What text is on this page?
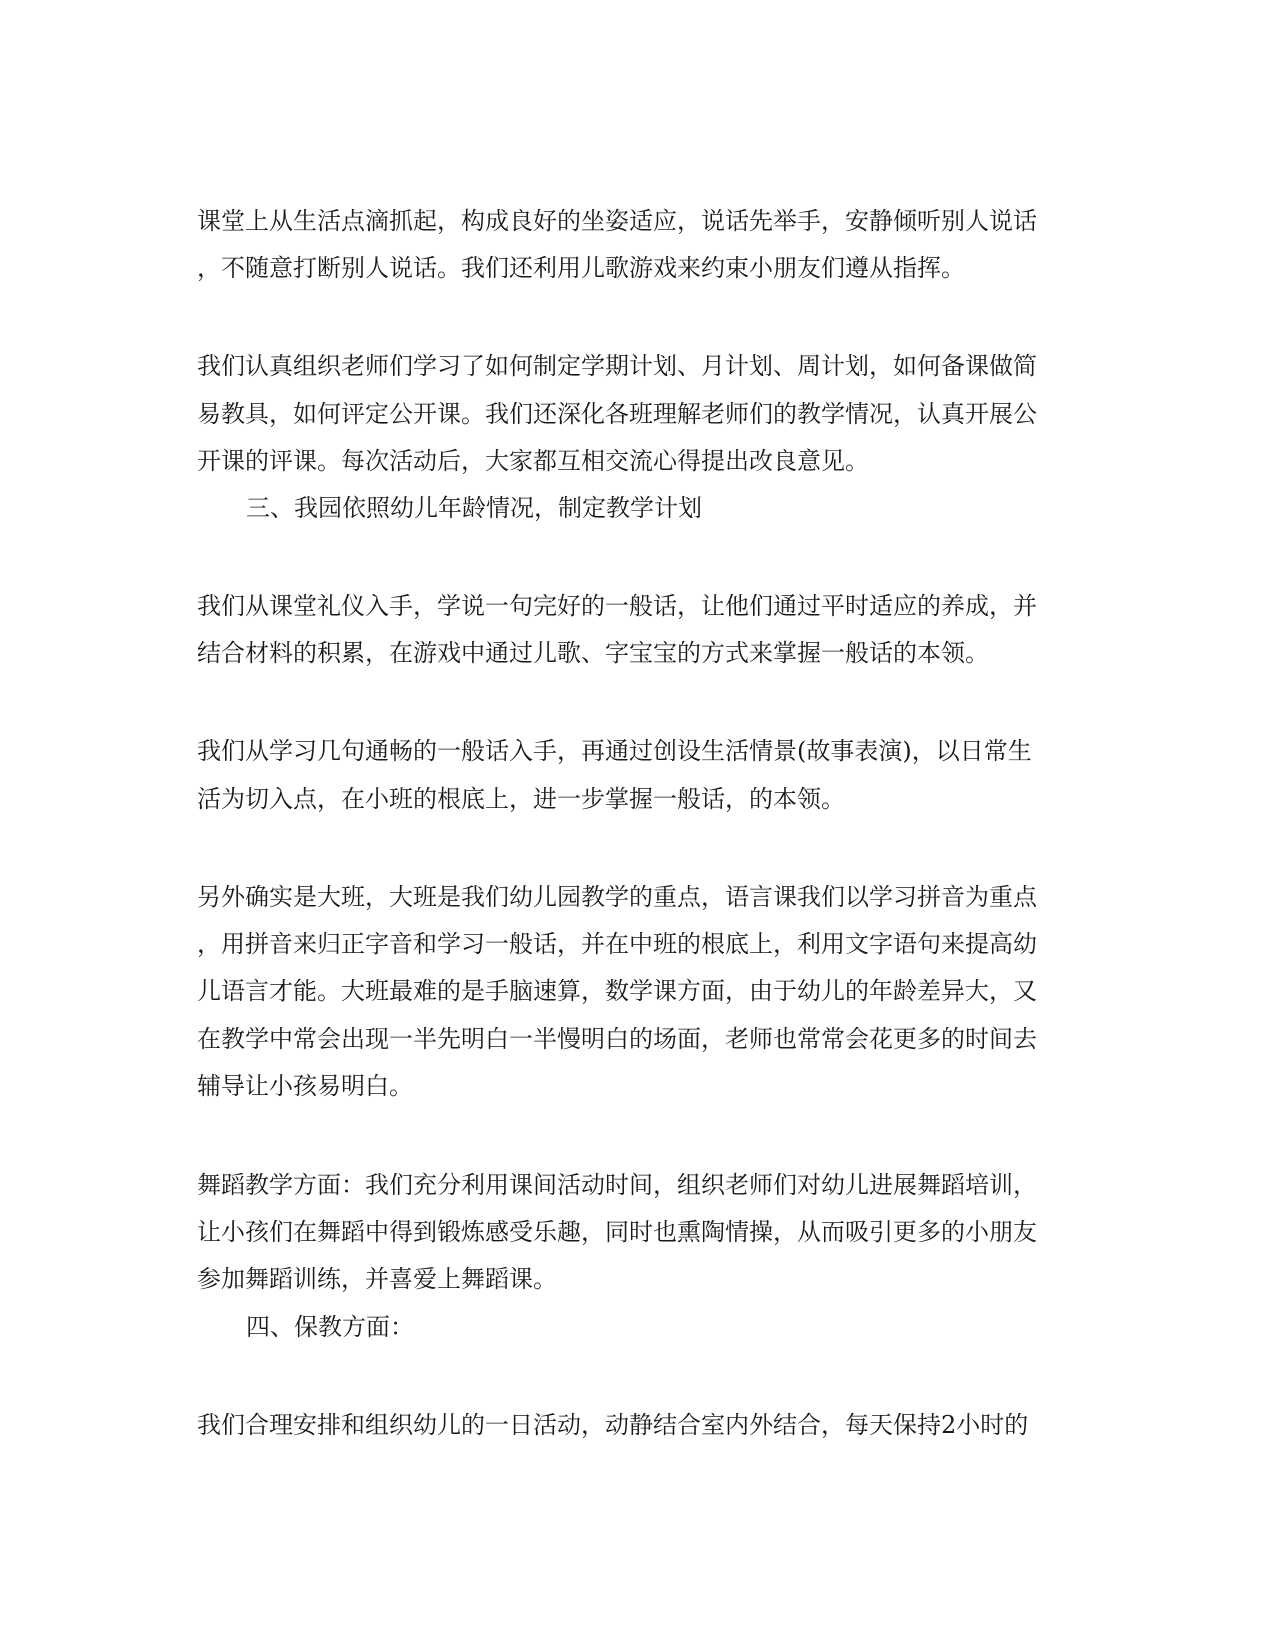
课堂上从生活点滴抓起，构成良好的坐姿适应，说话先举手，安静倾听别人说话
，不随意打断别人说话。我们还利用儿歌游戏来约束小朋友们遵从指挥。
我们认真组织老师们学习了如何制定学期计划、月计划、周计划，如何备课做简
易教具，如何评定公开课。我们还深化各班理解老师们的教学情况，认真开展公
开课的评课。每次活动后，大家都互相交流心得提出改良意见。
三、我园依照幼儿年龄情况，制定教学计划
我们从课堂礼仪入手，学说一句完好的一般话，让他们通过平时适应的养成，并
结合材料的积累，在游戏中通过儿歌、字宝宝的方式来掌握一般话的本领。
我们从学习几句通畅的一般话入手，再通过创设生活情景(故事表演)，以日常生
活为切入点，在小班的根底上，进一步掌握一般话，的本领。
另外确实是大班，大班是我们幼儿园教学的重点，语言课我们以学习拼音为重点
，用拼音来归正字音和学习一般话，并在中班的根底上，利用文字语句来提高幼
儿语言才能。大班最难的是手脑速算，数学课方面，由于幼儿的年龄差异大，又
在教学中常会出现一半先明白一半慢明白的场面，老师也常常会花更多的时间去
辅导让小孩易明白。
舞蹈教学方面：我们充分利用课间活动时间，组织老师们对幼儿进展舞蹈培训，
让小孩们在舞蹈中得到锻炼感受乐趣，同时也熏陶情操，从而吸引更多的小朋友
参加舞蹈训练，并喜爱上舞蹈课。
四、保教方面：
我们合理安排和组织幼儿的一日活动，动静结合室内外结合，每天保持2小时的
